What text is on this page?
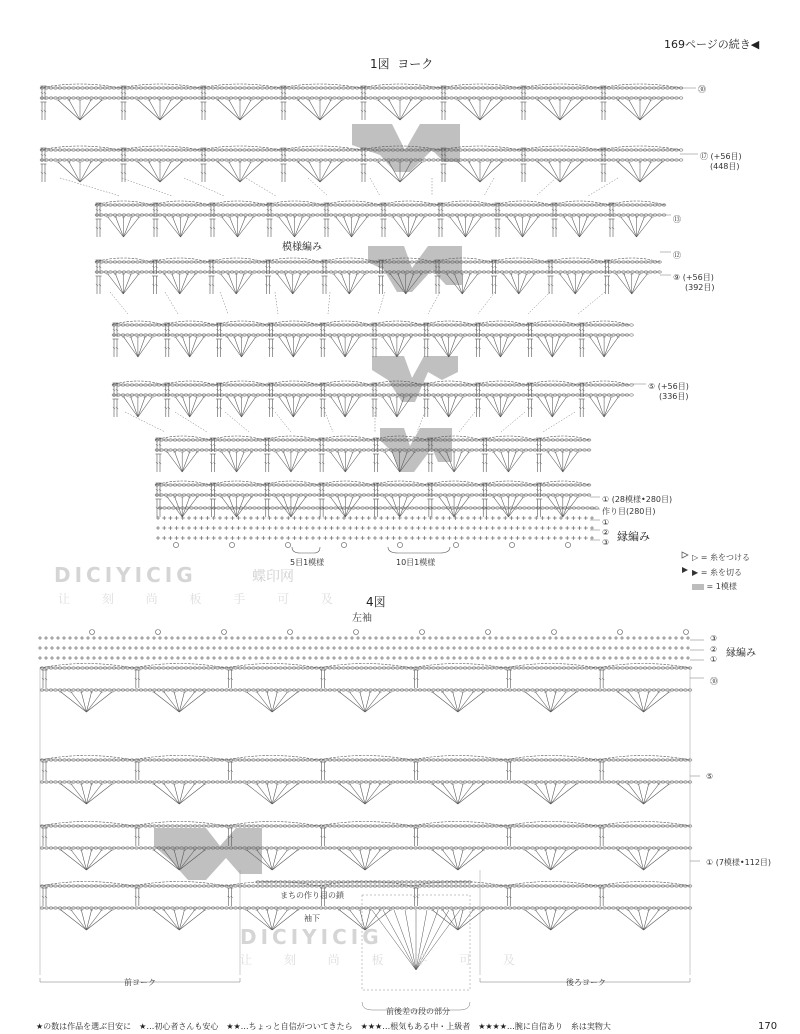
169ページの続き◀
1図 ヨーク
模様編み
縁編み
㉚
⑰ (+56目)
(448目)
⑬
⑫
⑨ (+56目)
(392目)
⑤ (+56目)
(336目)
① (28模様•280目)
作り目(280目)
①
②
③
5目1模様	10目1模様
▷ = 糸をつける
▶ = 糸を切る
= 1模様
DICIYICIG	蝶印网
让 刻 尚 板 手 可 及
DICIYICIG
让 刻 尚 板 手 可 及
4図
左袖
③
②
①
縁編み
㉚
⑤
① (7模様•112目)
まちの作り目の鎖
袖下
前ヨーク	後ろヨーク
前後差の段の部分
★の数は作品を選ぶ目安に　★…初心者さんも安心　★★…ちょっと自信がついてきたら　★★★…根気もある中・上級者　★★★★…腕に自信あり　糸は実物大	170
